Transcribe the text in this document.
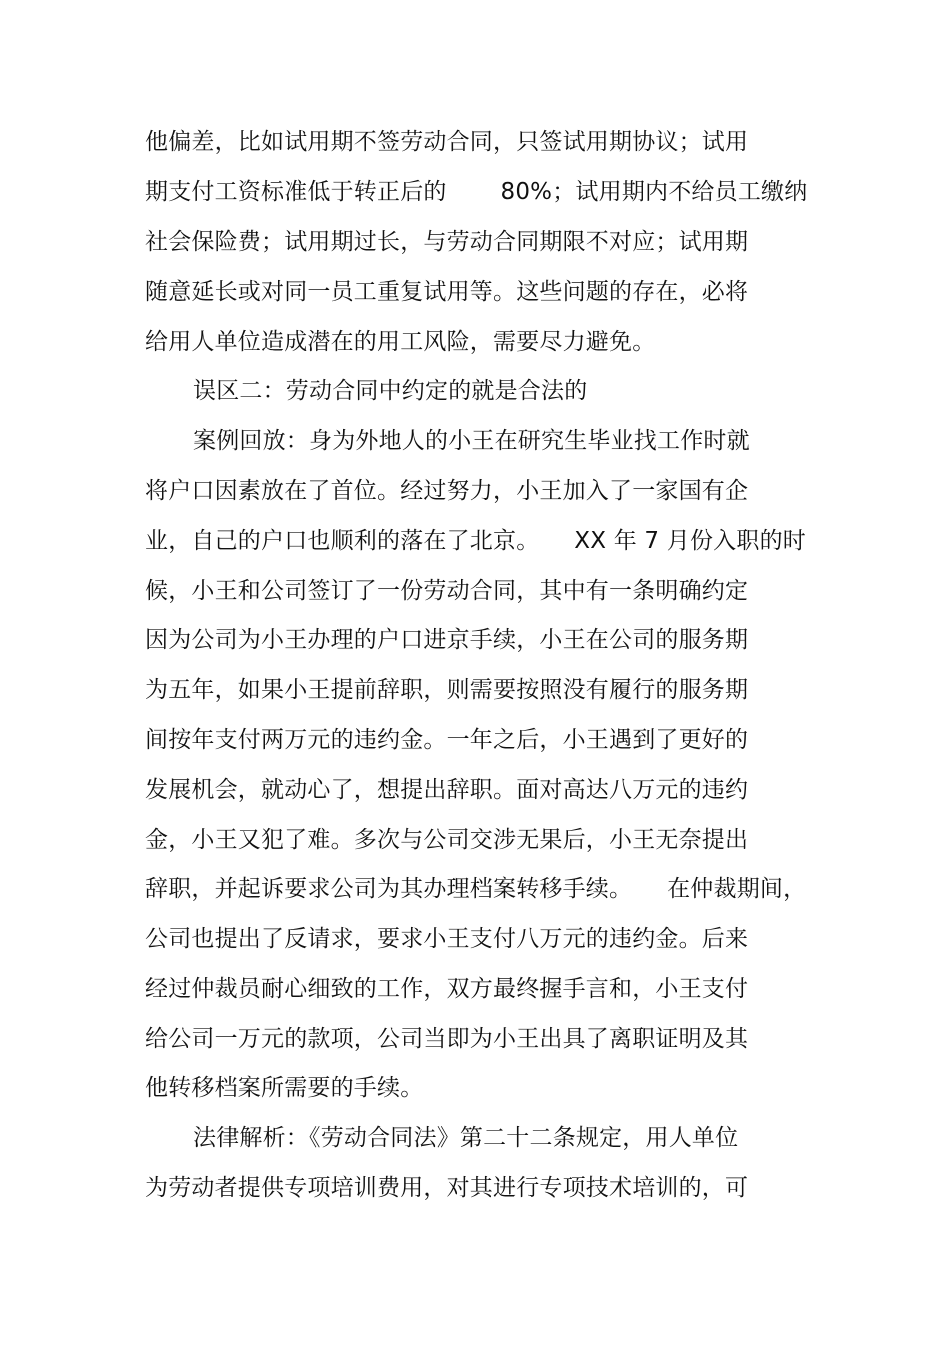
他偏差，比如试用期不签劳动合同，只签试用期协议；试用
期支付工资标准低于转正后的　　 80%；试用期内不给员工缴纳
社会保险费；试用期过长，与劳动合同期限不对应；试用期
随意延长或对同一员工重复试用等。这些问题的存在，必将
给用人单位造成潜在的用工风险，需要尽力避免。
误区二：劳动合同中约定的就是合法的
案例回放：身为外地人的小王在研究生毕业找工作时就
将户口因素放在了首位。经过努力，小王加入了一家国有企
业，自己的户口也顺利的落在了北京。　　XX 年 7 月份入职的时
候，小王和公司签订了一份劳动合同，其中有一条明确约定
因为公司为小王办理的户口进京手续，小王在公司的服务期
为五年，如果小王提前辞职，则需要按照没有履行的服务期
间按年支付两万元的违约金。一年之后，小王遇到了更好的
发展机会，就动心了，想提出辞职。面对高达八万元的违约
金，小王又犯了难。多次与公司交涉无果后，小王无奈提出
辞职，并起诉要求公司为其办理档案转移手续。　　在仲裁期间，
公司也提出了反请求，要求小王支付八万元的违约金。后来
经过仲裁员耐心细致的工作，双方最终握手言和，小王支付
给公司一万元的款项，公司当即为小王出具了离职证明及其
他转移档案所需要的手续。
法律解析：《劳动合同法》第二十二条规定，用人单位
为劳动者提供专项培训费用，对其进行专项技术培训的，可
